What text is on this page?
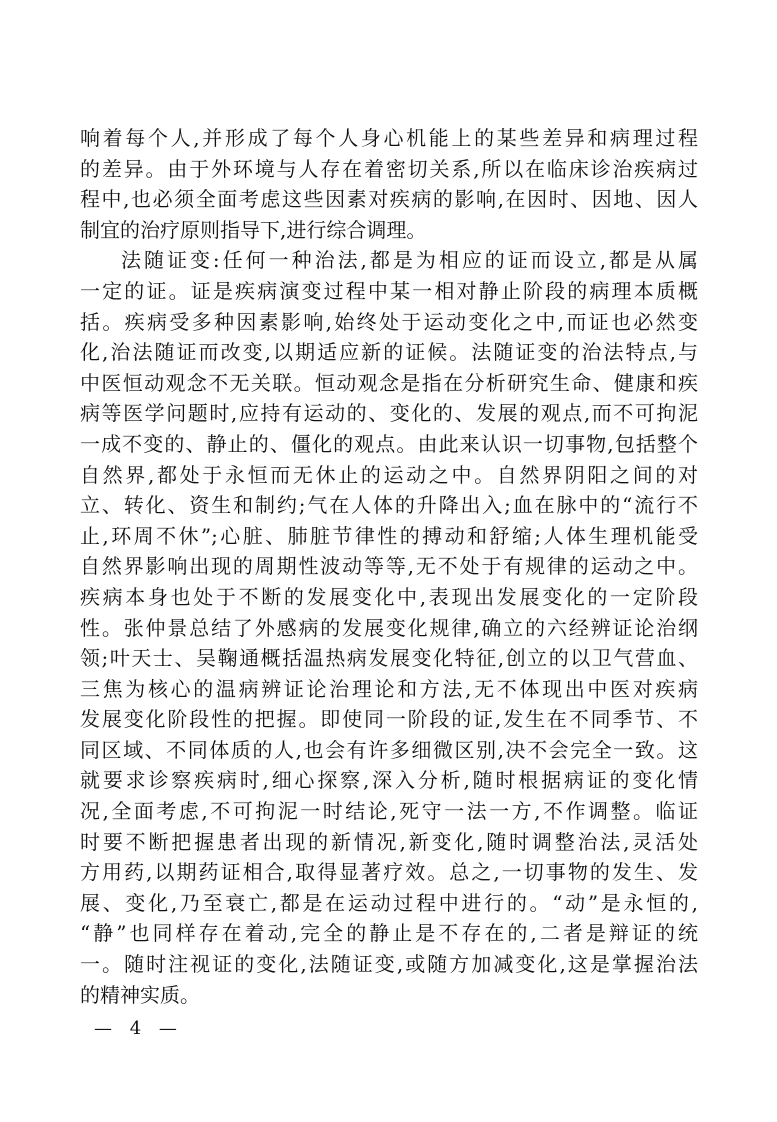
响着每个人,并形成了每个人身心机能上的某些差异和病理过程
的差异。由于外环境与人存在着密切关系,所以在临床诊治疾病过
程中,也必须全面考虑这些因素对疾病的影响,在因时、因地、因人
制宜的治疗原则指导下,进行综合调理。
法随证变:任何一种治法,都是为相应的证而设立,都是从属
一定的证。证是疾病演变过程中某一相对静止阶段的病理本质概
括。疾病受多种因素影响,始终处于运动变化之中,而证也必然变
化,治法随证而改变,以期适应新的证候。法随证变的治法特点,与
中医恒动观念不无关联。恒动观念是指在分析研究生命、健康和疾
病等医学问题时,应持有运动的、变化的、发展的观点,而不可拘泥
一成不变的、静止的、僵化的观点。由此来认识一切事物,包括整个
自然界,都处于永恒而无休止的运动之中。自然界阴阳之间的对
立、转化、资生和制约;气在人体的升降出入;血在脉中的“流行不
止,环周不休”;心脏、肺脏节律性的搏动和舒缩;人体生理机能受
自然界影响出现的周期性波动等等,无不处于有规律的运动之中。
疾病本身也处于不断的发展变化中,表现出发展变化的一定阶段
性。张仲景总结了外感病的发展变化规律,确立的六经辨证论治纲
领;叶天士、吴鞠通概括温热病发展变化特征,创立的以卫气营血、
三焦为核心的温病辨证论治理论和方法,无不体现出中医对疾病
发展变化阶段性的把握。即使同一阶段的证,发生在不同季节、不
同区域、不同体质的人,也会有许多细微区别,决不会完全一致。这
就要求诊察疾病时,细心探察,深入分析,随时根据病证的变化情
况,全面考虑,不可拘泥一时结论,死守一法一方,不作调整。临证
时要不断把握患者出现的新情况,新变化,随时调整治法,灵活处
方用药,以期药证相合,取得显著疗效。总之,一切事物的发生、发
展、变化,乃至衰亡,都是在运动过程中进行的。“动”是永恒的,
“静”也同样存在着动,完全的静止是不存在的,二者是辩证的统
一。随时注视证的变化,法随证变,或随方加减变化,这是掌握治法
的精神实质。
— 4 —
